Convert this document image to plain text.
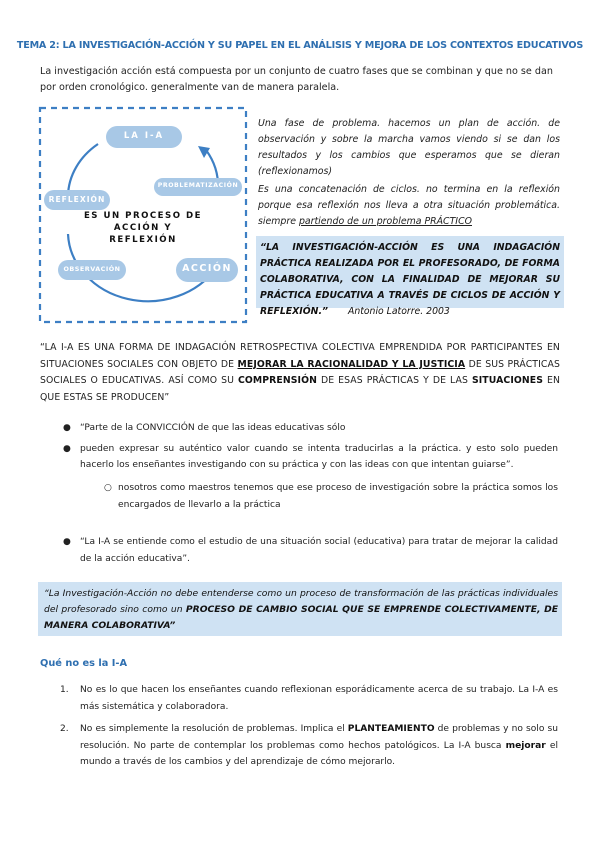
TEMA 2: LA INVESTIGACIÓN-ACCIÓN Y SU PAPEL EN EL ANÁLISIS Y MEJORA DE LOS CONTEXTOS EDUCATIVOS
La investigación acción está compuesta por un conjunto de cuatro fases que se combinan y que no se dan por orden cronológico. generalmente van de manera paralela.
LA I-A
PROBLEMATIZACIÓN
REFLEXIÓN
OBSERVACIÓN	ACCIÓN
ES UN PROCESO DE
ACCIÓN Y
REFLEXIÓN
Una fase de problema. hacemos un plan de acción. de observación y sobre la marcha vamos viendo si se dan los resultados y los cambios que esperamos que se dieran (reflexionamos)
Es una concatenación de ciclos. no termina en la reflexión porque esa reflexión nos lleva a otra situación problemática. siempre partiendo de un problema PRÁCTICO
“LA INVESTIGACIÓN-ACCIÓN ES UNA INDAGACIÓN PRÁCTICA REALIZADA POR EL PROFESORADO, DE FORMA COLABORATIVA, CON LA FINALIDAD DE MEJORAR SU PRÁCTICA EDUCATIVA A TRAVÉS DE CICLOS DE ACCIÓN Y REFLEXIÓN.” Antonio Latorre. 2003
“LA I-A ES UNA FORMA DE INDAGACIÓN RETROSPECTIVA COLECTIVA EMPRENDIDA POR PARTICIPANTES EN SITUACIONES SOCIALES CON OBJETO DE MEJORAR LA RACIONALIDAD Y LA JUSTICIA DE SUS PRÁCTICAS SOCIALES O EDUCATIVAS. ASÍ COMO SU COMPRENSIÓN DE ESAS PRÁCTICAS Y DE LAS SITUACIONES EN QUE ESTAS SE PRODUCEN”
● “Parte de la CONVICCIÓN de que las ideas educativas sólo
● pueden expresar su auténtico valor cuando se intenta traducirlas a la práctica. y esto solo pueden hacerlo los enseñantes investigando con su práctica y con las ideas con que intentan guiarse”.
○ nosotros como maestros tenemos que ese proceso de investigación sobre la práctica somos los encargados de llevarlo a la práctica
● “La I-A se entiende como el estudio de una situación social (educativa) para tratar de mejorar la calidad de la acción educativa”.
“La Investigación-Acción no debe entenderse como un proceso de transformación de las prácticas individuales del profesorado sino como un PROCESO DE CAMBIO SOCIAL QUE SE EMPRENDE COLECTIVAMENTE, DE MANERA COLABORATIVA”
Qué no es la I-A
1. No es lo que hacen los enseñantes cuando reflexionan esporádicamente acerca de su trabajo. La I-A es más sistemática y colaboradora.
2. No es simplemente la resolución de problemas. Implica el PLANTEAMIENTO de problemas y no solo su resolución. No parte de contemplar los problemas como hechos patológicos. La I-A busca mejorar el mundo a través de los cambios y del aprendizaje de cómo mejorarlo.
